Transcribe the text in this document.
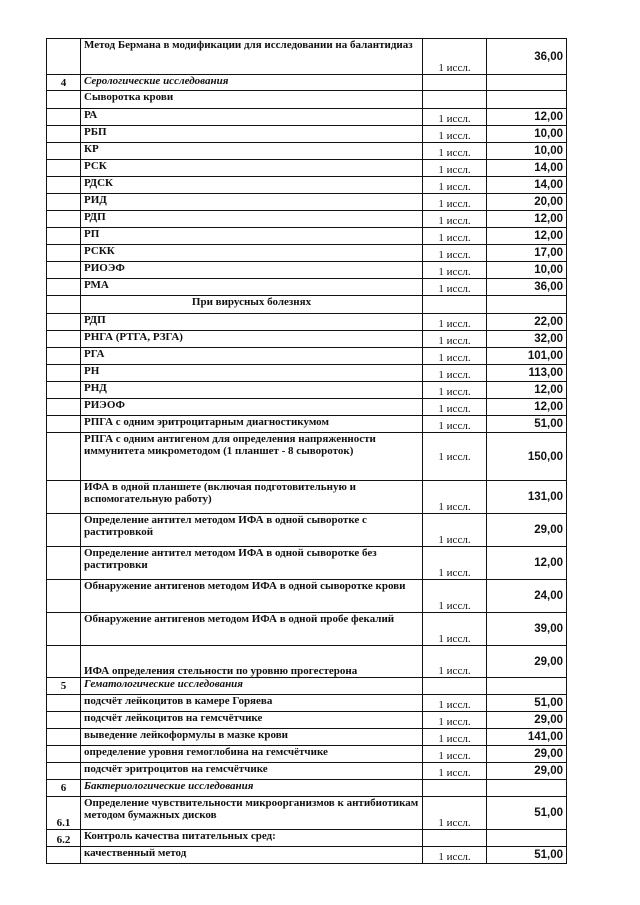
	Метод Бермана в модификации для исследовании на балантидиаз	1 иссл.	36,00
4	Серологические исследования		
	Сыворотка крови		
	РА	1 иссл.	12,00
	РБП	1 иссл.	10,00
	КР	1 иссл.	10,00
	РСК	1 иссл.	14,00
	РДСК	1 иссл.	14,00
	РИД	1 иссл.	20,00
	РДП	1 иссл.	12,00
	РП	1 иссл.	12,00
	РСКК	1 иссл.	17,00
	РИОЭФ	1 иссл.	10,00
	РМА	1 иссл.	36,00
	При вирусных болезнях		
	РДП	1 иссл.	22,00
	РНГА (РТГА, РЗГА)	1 иссл.	32,00
	РГА	1 иссл.	101,00
	РН	1 иссл.	113,00
	РНД	1 иссл.	12,00
	РИЭОФ	1 иссл.	12,00
	РПГА с одним эритроцитарным диагностикумом	1 иссл.	51,00
	РПГА с одним антигеном для определения напряженности иммунитета микрометодом (1 планшет - 8 сывороток)	1 иссл.	150,00
	ИФА в одной планшете (включая подготовительную и вспомогательную работу)	1 иссл.	131,00
	Определение антител методом ИФА в одной сыворотке с раститровкой	1 иссл.	29,00
	Определение антител методом ИФА в одной сыворотке без раститровки	1 иссл.	12,00
	Обнаружение антигенов методом ИФА в одной сыворотке крови	1 иссл.	24,00
	Обнаружение антигенов методом ИФА в одной пробе фекалий	1 иссл.	39,00
	ИФА определения стельности по уровню прогестерона	1 иссл.	29,00
5	Гематологические исследования		
	подсчёт лейкоцитов в камере Горяева	1 иссл.	51,00
	подсчёт лейкоцитов на гемсчётчике	1 иссл.	29,00
	выведение лейкоформулы в мазке крови	1 иссл.	141,00
	определение уровня гемоглобина на гемсчётчике	1 иссл.	29,00
	подсчёт эритроцитов на гемсчётчике	1 иссл.	29,00
6	Бактериологические исследования		
6.1	Определение чувствительности микроорганизмов к антибиотикам методом бумажных дисков	1 иссл.	51,00
6.2	Контроль качества питательных сред:		
	качественный метод	1 иссл.	51,00
